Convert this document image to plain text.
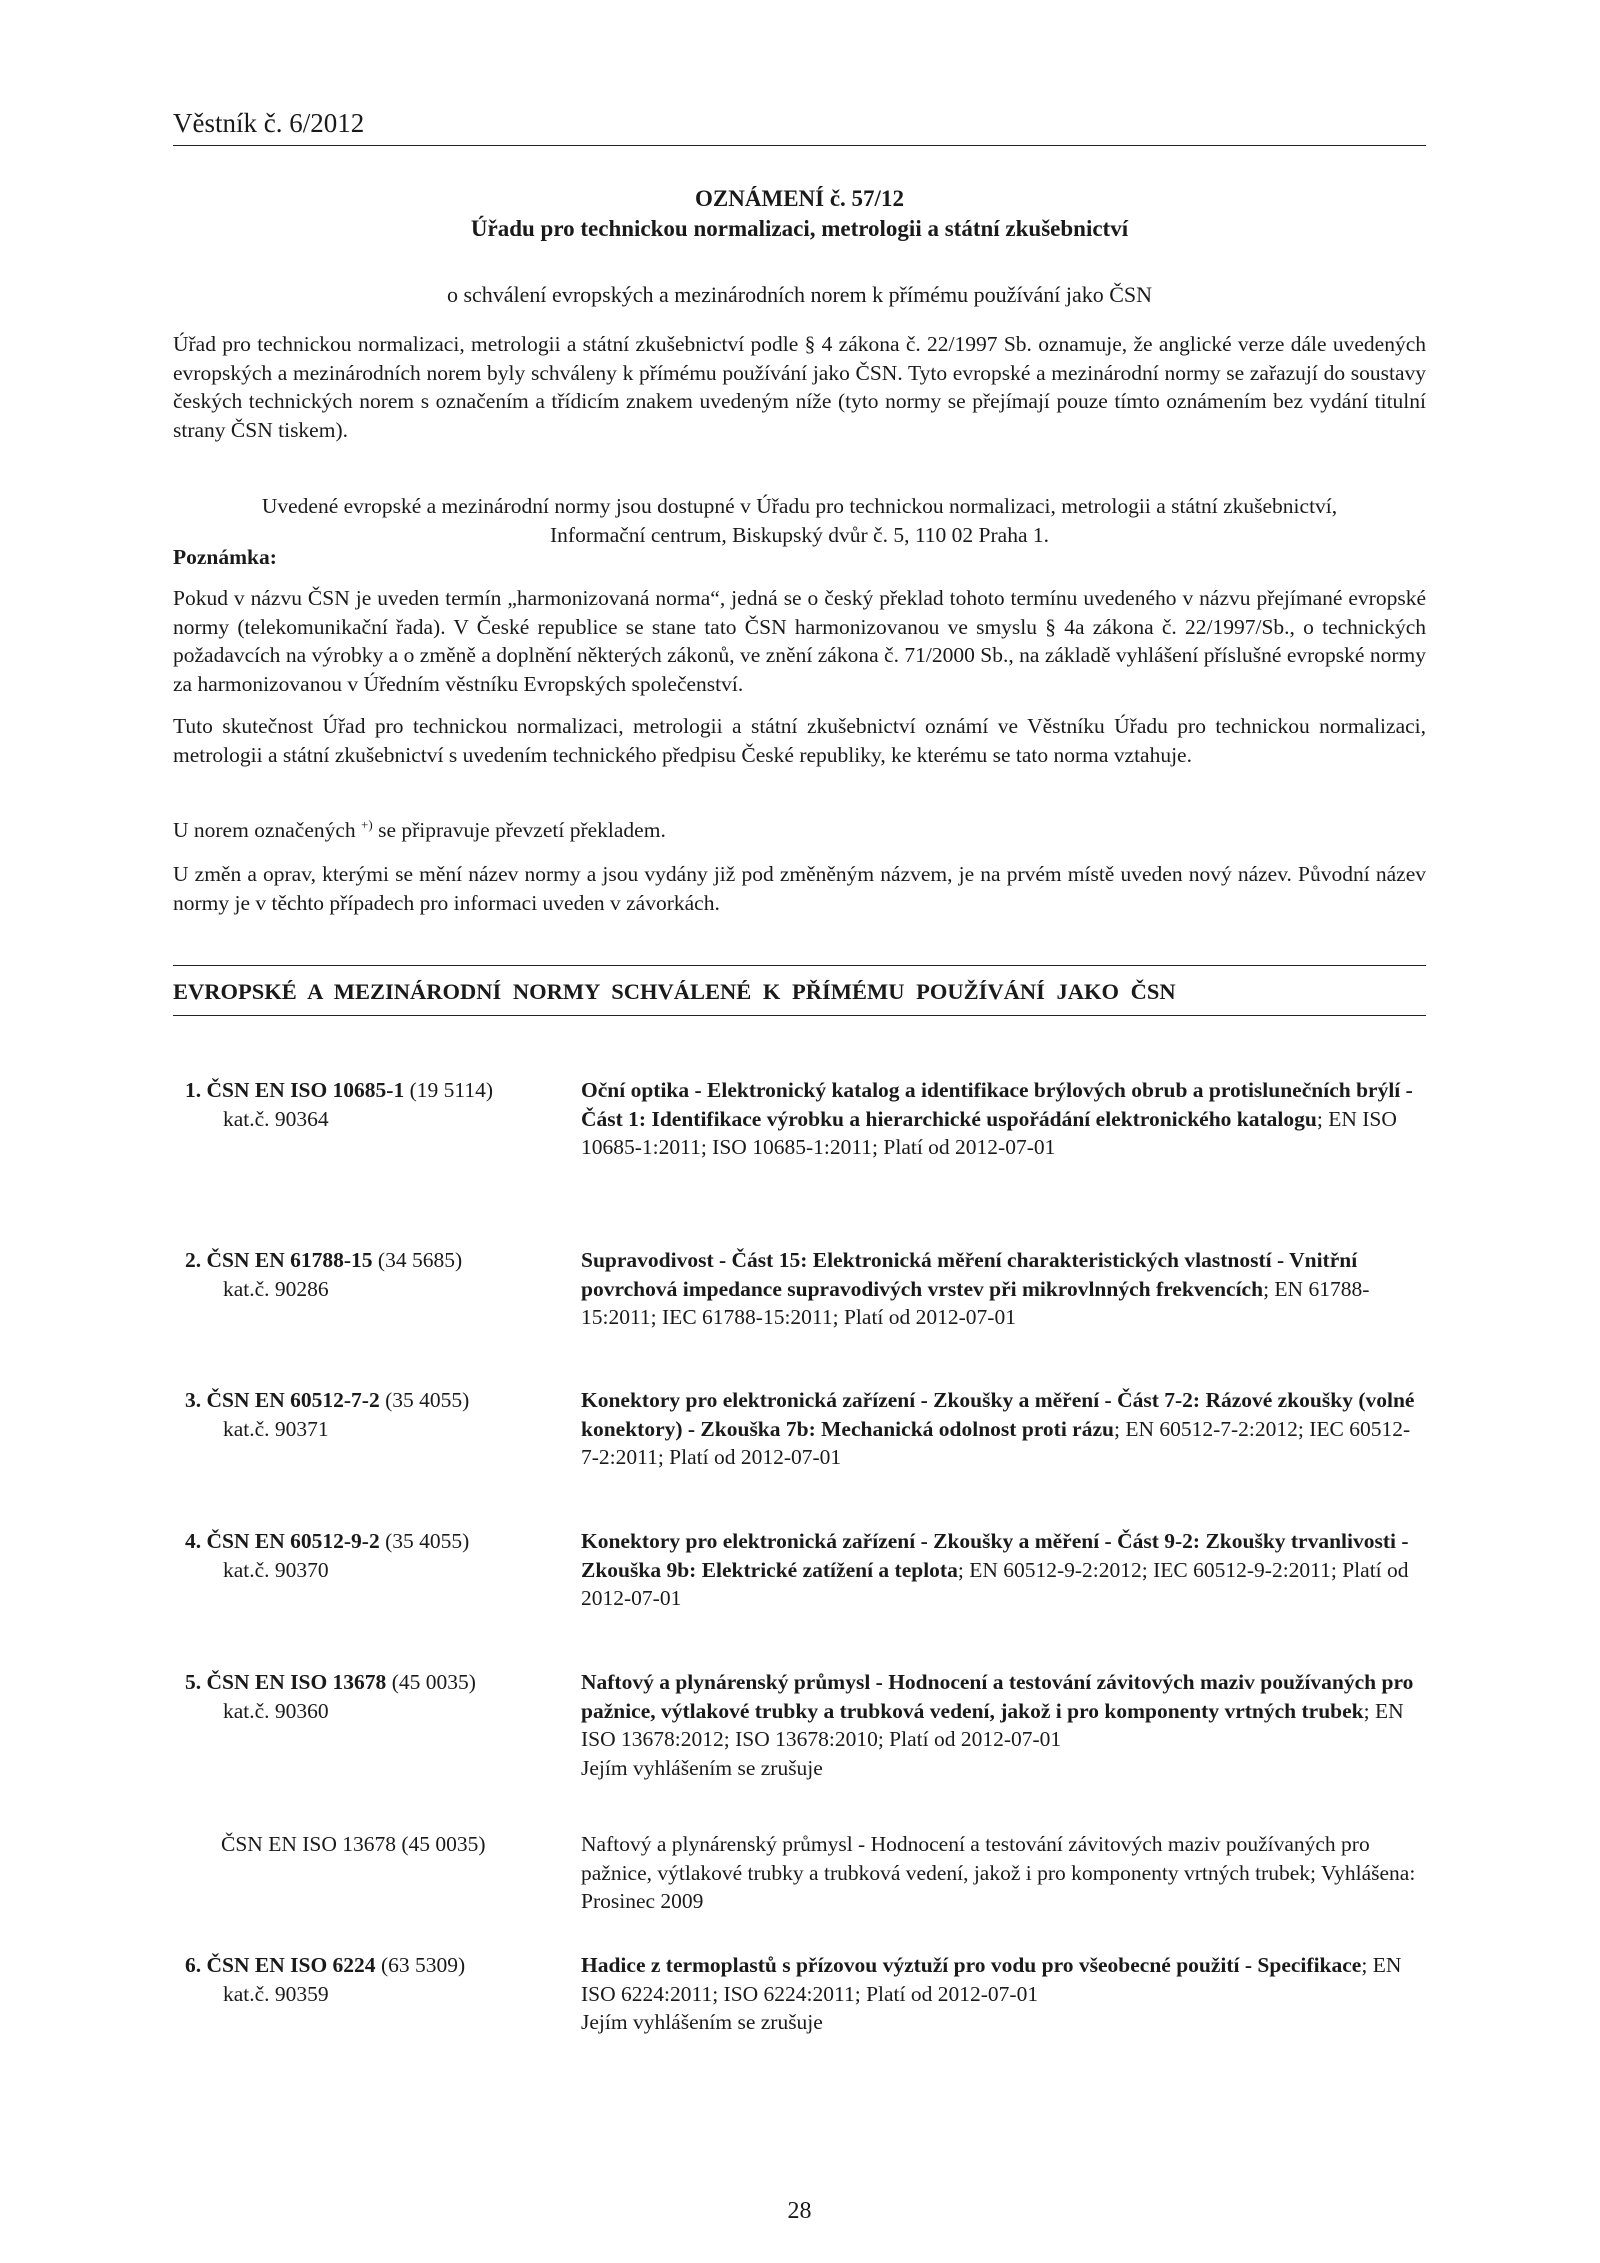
Věstník č. 6/2012
OZNÁMENÍ č. 57/12
Úřadu pro technickou normalizaci, metrologii a státní zkušebnictví
o schválení evropských a mezinárodních norem k přímému používání jako ČSN
Úřad pro technickou normalizaci, metrologii a státní zkušebnictví podle § 4 zákona č. 22/1997 Sb. oznamuje, že anglické verze dále uvedených evropských a mezinárodních norem byly schváleny k přímému používání jako ČSN. Tyto evropské a mezinárodní normy se zařazují do soustavy českých technických norem s označením a třídicím znakem uvedeným níže (tyto normy se přejímají pouze tímto oznámením bez vydání titulní strany ČSN tiskem).
Uvedené evropské a mezinárodní normy jsou dostupné v Úřadu pro technickou normalizaci, metrologii a státní zkušebnictví,
Informační centrum, Biskupský dvůr č. 5, 110 02 Praha 1.
Poznámka:
Pokud v názvu ČSN je uveden termín „harmonizovaná norma“, jedná se o český překlad tohoto termínu uvedeného v názvu přejímané evropské normy (telekomunikační řada). V České republice se stane tato ČSN harmonizovanou ve smyslu § 4a zákona č. 22/1997/Sb., o technických požadavcích na výrobky a o změně a doplnění některých zákonů, ve znění zákona č. 71/2000 Sb., na základě vyhlášení příslušné evropské normy za harmonizovanou v Úředním věstníku Evropských společenství.
Tuto skutečnost Úřad pro technickou normalizaci, metrologii a státní zkušebnictví oznámí ve Věstníku Úřadu pro technickou normalizaci, metrologii a státní zkušebnictví s uvedením technického předpisu České republiky, ke kterému se tato norma vztahuje.
U norem označených +) se připravuje převzetí překladem.
U změn a oprav, kterými se mění název normy a jsou vydány již pod změněným názvem, je na prvém místě uveden nový název. Původní název normy je v těchto případech pro informaci uveden v závorkách.
EVROPSKÉ A MEZINÁRODNÍ NORMY SCHVÁLENÉ K PŘÍMÉMU POUŽÍVÁNÍ JAKO ČSN
1. ČSN EN ISO 10685-1 (19 5114)
kat.č. 90364
Oční optika - Elektronický katalog a identifikace brýlových obrub a protislunečních brýlí - Část 1: Identifikace výrobku a hierarchické uspořádání elektronického katalogu; EN ISO 10685-1:2011; ISO 10685-1:2011; Platí od 2012-07-01
2. ČSN EN 61788-15 (34 5685)
kat.č. 90286
Supravodivost - Část 15: Elektronická měření charakteristických vlastností - Vnitřní povrchová impedance supravodivých vrstev při mikrovlnných frekvencích; EN 61788-15:2011; IEC 61788-15:2011; Platí od 2012-07-01
3. ČSN EN 60512-7-2 (35 4055)
kat.č. 90371
Konektory pro elektronická zařízení - Zkoušky a měření - Část 7-2: Rázové zkoušky (volné konektory) - Zkouška 7b: Mechanická odolnost proti rázu; EN 60512-7-2:2012; IEC 60512-7-2:2011; Platí od 2012-07-01
4. ČSN EN 60512-9-2 (35 4055)
kat.č. 90370
Konektory pro elektronická zařízení - Zkoušky a měření - Část 9-2: Zkoušky trvanlivosti - Zkouška 9b: Elektrické zatížení a teplota; EN 60512-9-2:2012; IEC 60512-9-2:2011; Platí od 2012-07-01
5. ČSN EN ISO 13678 (45 0035)
kat.č. 90360
Naftový a plynárenský průmysl - Hodnocení a testování závitových maziv používaných pro pažnice, výtlakové trubky a trubková vedení, jakož i pro komponenty vrtných trubek; EN ISO 13678:2012; ISO 13678:2010; Platí od 2012-07-01
Jejím vyhlášením se zrušuje
ČSN EN ISO 13678 (45 0035)	Naftový a plynárenský průmysl - Hodnocení a testování závitových maziv používaných pro pažnice, výtlakové trubky a trubková vedení, jakož i pro komponenty vrtných trubek; Vyhlášena: Prosinec 2009
6. ČSN EN ISO 6224 (63 5309)
kat.č. 90359
Hadice z termoplastů s přízovou výztuží pro vodu pro všeobecné použití - Specifikace; EN ISO 6224:2011; ISO 6224:2011; Platí od 2012-07-01
Jejím vyhlášením se zrušuje
28
